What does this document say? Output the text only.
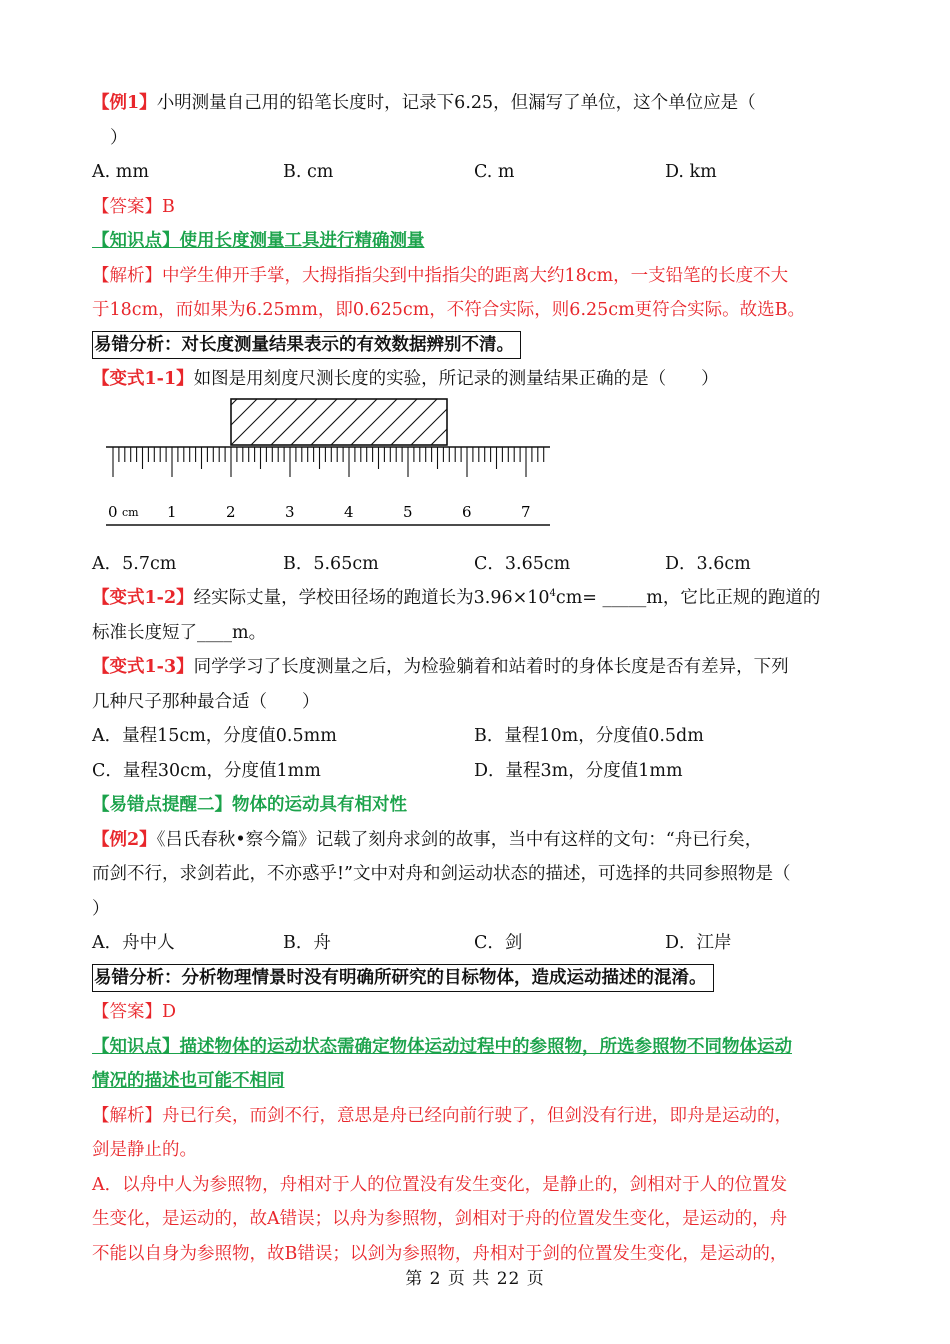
【例1】小明测量自己用的铅笔长度时，记录下6.25，但漏写了单位，这个单位应是（
）
A. mm	B. cm	C. m	D. km
【答案】B
【知识点】使用长度测量工具进行精确测量
【解析】中学生伸开手掌，大拇指指尖到中指指尖的距离大约18cm，一支铅笔的长度不大
于18cm，而如果为6.25mm，即0.625cm，不符合实际，则6.25cm更符合实际。故选B。
易错分析：对长度测量结果表示的有效数据辨别不清。
【变式1-1】如图是用刻度尺测长度的实验，所记录的测量结果正确的是（　　）
0 cm 1	2	3	4	5	6	7
A．5.7cm	B．5.65cm	C．3.65cm	D．3.6cm
【变式1-2】经实际丈量，学校田径场的跑道长为$3.96\times 10^4cm=$ _____m，它比正规的跑道的
标准长度短了____m。
【变式1-3】同学学习了长度测量之后，为检验躺着和站着时的身体长度是否有差异，下列
几种尺子那种最合适（　　）
A．量程15cm，分度值0.5mm	B．量程10m，分度值0.5dm
C．量程30cm，分度值1mm	D．量程3m，分度值1mm
【易错点提醒二】物体的运动具有相对性
【例2】《吕氏春秋•察今篇》记载了刻舟求剑的故事，当中有这样的文句：“舟已行矣，
而剑不行，求剑若此，不亦惑乎!”文中对舟和剑运动状态的描述，可选择的共同参照物是（
）
A．舟中人	B．舟	C．剑	D．江岸
易错分析：分析物理情景时没有明确所研究的目标物体，造成运动描述的混淆。
【答案】D
【知识点】描述物体的运动状态需确定物体运动过程中的参照物，所选参照物不同物体运动
情况的描述也可能不相同
【解析】舟已行矣，而剑不行，意思是舟已经向前行驶了，但剑没有行进，即舟是运动的，
剑是静止的。
A．以舟中人为参照物，舟相对于人的位置没有发生变化，是静止的，剑相对于人的位置发
生变化，是运动的，故A错误；以舟为参照物，剑相对于舟的位置发生变化，是运动的，舟
不能以自身为参照物，故B错误；以剑为参照物，舟相对于剑的位置发生变化，是运动的，
第 2 页 共 22 页
